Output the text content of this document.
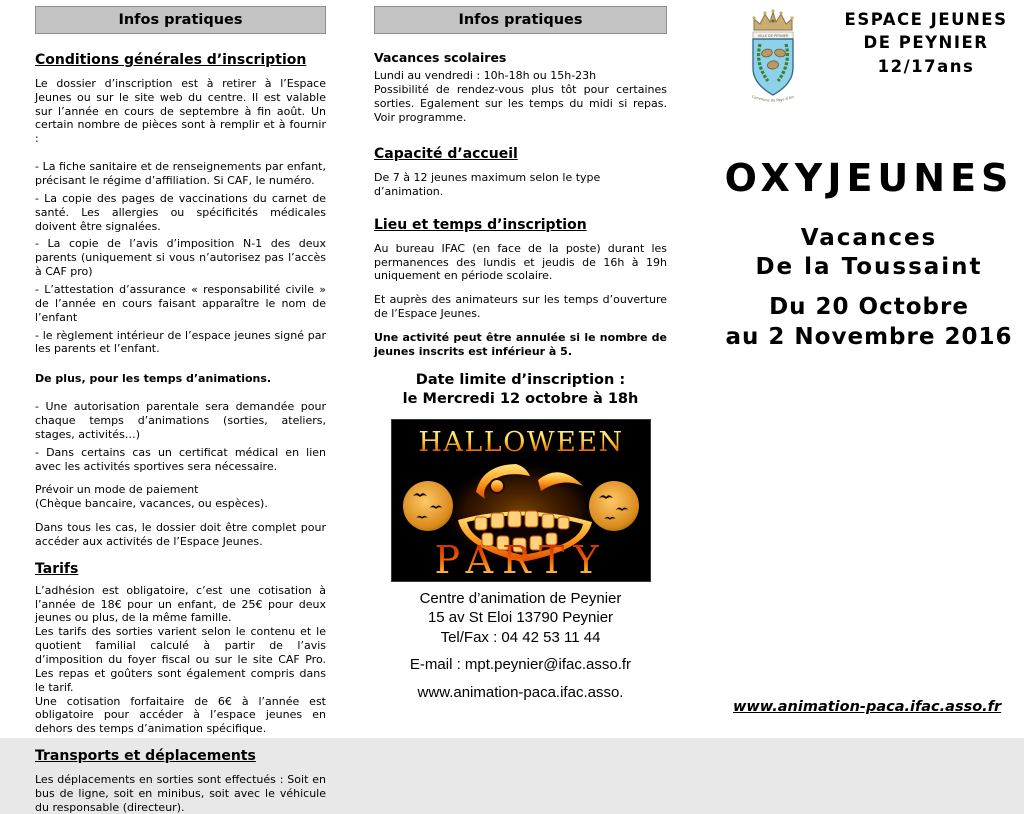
Infos pratiques
Conditions générales d’inscription

Le dossier d’inscription est à retirer à l’Espace Jeunes ou sur le site web du centre. Il est valable sur l’année en cours de septembre à fin août. Un certain nombre de pièces sont à remplir et à fournir :

- La fiche sanitaire et de renseignements par enfant, précisant le régime d’affiliation. Si CAF, le numéro.

- La copie des pages de vaccinations du carnet de santé. Les allergies ou spécificités médicales doivent être signalées.

- La copie de l’avis d’imposition N-1 des deux parents (uniquement si vous n’autorisez pas l’accès à CAF pro)

- L’attestation d’assurance « responsabilité civile » de l’année en cours faisant apparaître le nom de l’enfant

- le règlement intérieur de l’espace jeunes signé par les parents et l’enfant.

De plus, pour les temps d’animations.

- Une autorisation parentale sera demandée pour chaque temps d’animations (sorties, ateliers, stages, activités…)

- Dans certains cas un certificat médical en lien avec les activités sportives sera nécessaire.

Prévoir un mode de paiement
(Chèque bancaire, vacances, ou espèces).

Dans tous les cas, le dossier doit être complet pour accéder aux activités de l’Espace Jeunes.

Tarifs

L’adhésion est obligatoire, c’est une cotisation à l’année de 18€ pour un enfant, de 25€ pour deux jeunes ou plus, de la même famille.

Les tarifs des sorties varient selon le contenu et le quotient familial calculé à partir de l’avis d’imposition du foyer fiscal ou sur le site CAF Pro. Les repas et goûters sont également compris dans le tarif.

Une cotisation forfaitaire de 6€ à l’année est obligatoire pour accéder à l’espace jeunes en dehors des temps d’animation spécifique.

Transports et déplacements

Les déplacements en sorties sont effectués : Soit en bus de ligne, soit en minibus, soit avec le véhicule du responsable (directeur).

Infos pratiques
Vacances scolaires

Lundi au vendredi : 10h-18h ou 15h-23h

Possibilité de rendez-vous plus tôt pour certaines sorties. Egalement sur les temps du midi si repas. Voir programme.

Capacité d’accueil

De 7 à 12 jeunes maximum selon le type d’animation.

Lieu et temps d’inscription

Au bureau IFAC (en face de la poste) durant les permanences des lundis et jeudis de 16h à 19h uniquement en période scolaire.

Et auprès des animateurs sur les temps d’ouverture de l’Espace Jeunes.

Une activité peut être annulée si le nombre de jeunes inscrits est inférieur à 5.

Date limite d’inscription :
le Mercredi 12 octobre à 18h
HALLOWEEN
PARTY
Centre d’animation de Peynier
15 av St Eloi 13790 Peynier
Tel/Fax : 04 42 53 11 44
E-mail : mpt.peynier@ifac.asso.fr
www.animation-paca.ifac.asso.
VILLE DE PEYNIER
Commune du Pays d’Aix
ESPACE JEUNES
DE PEYNIER
12/17ans
OXYJEUNES
Vacances
De la Toussaint
Du 20 Octobre
au 2 Novembre 2016
www.animation-paca.ifac.asso.fr
